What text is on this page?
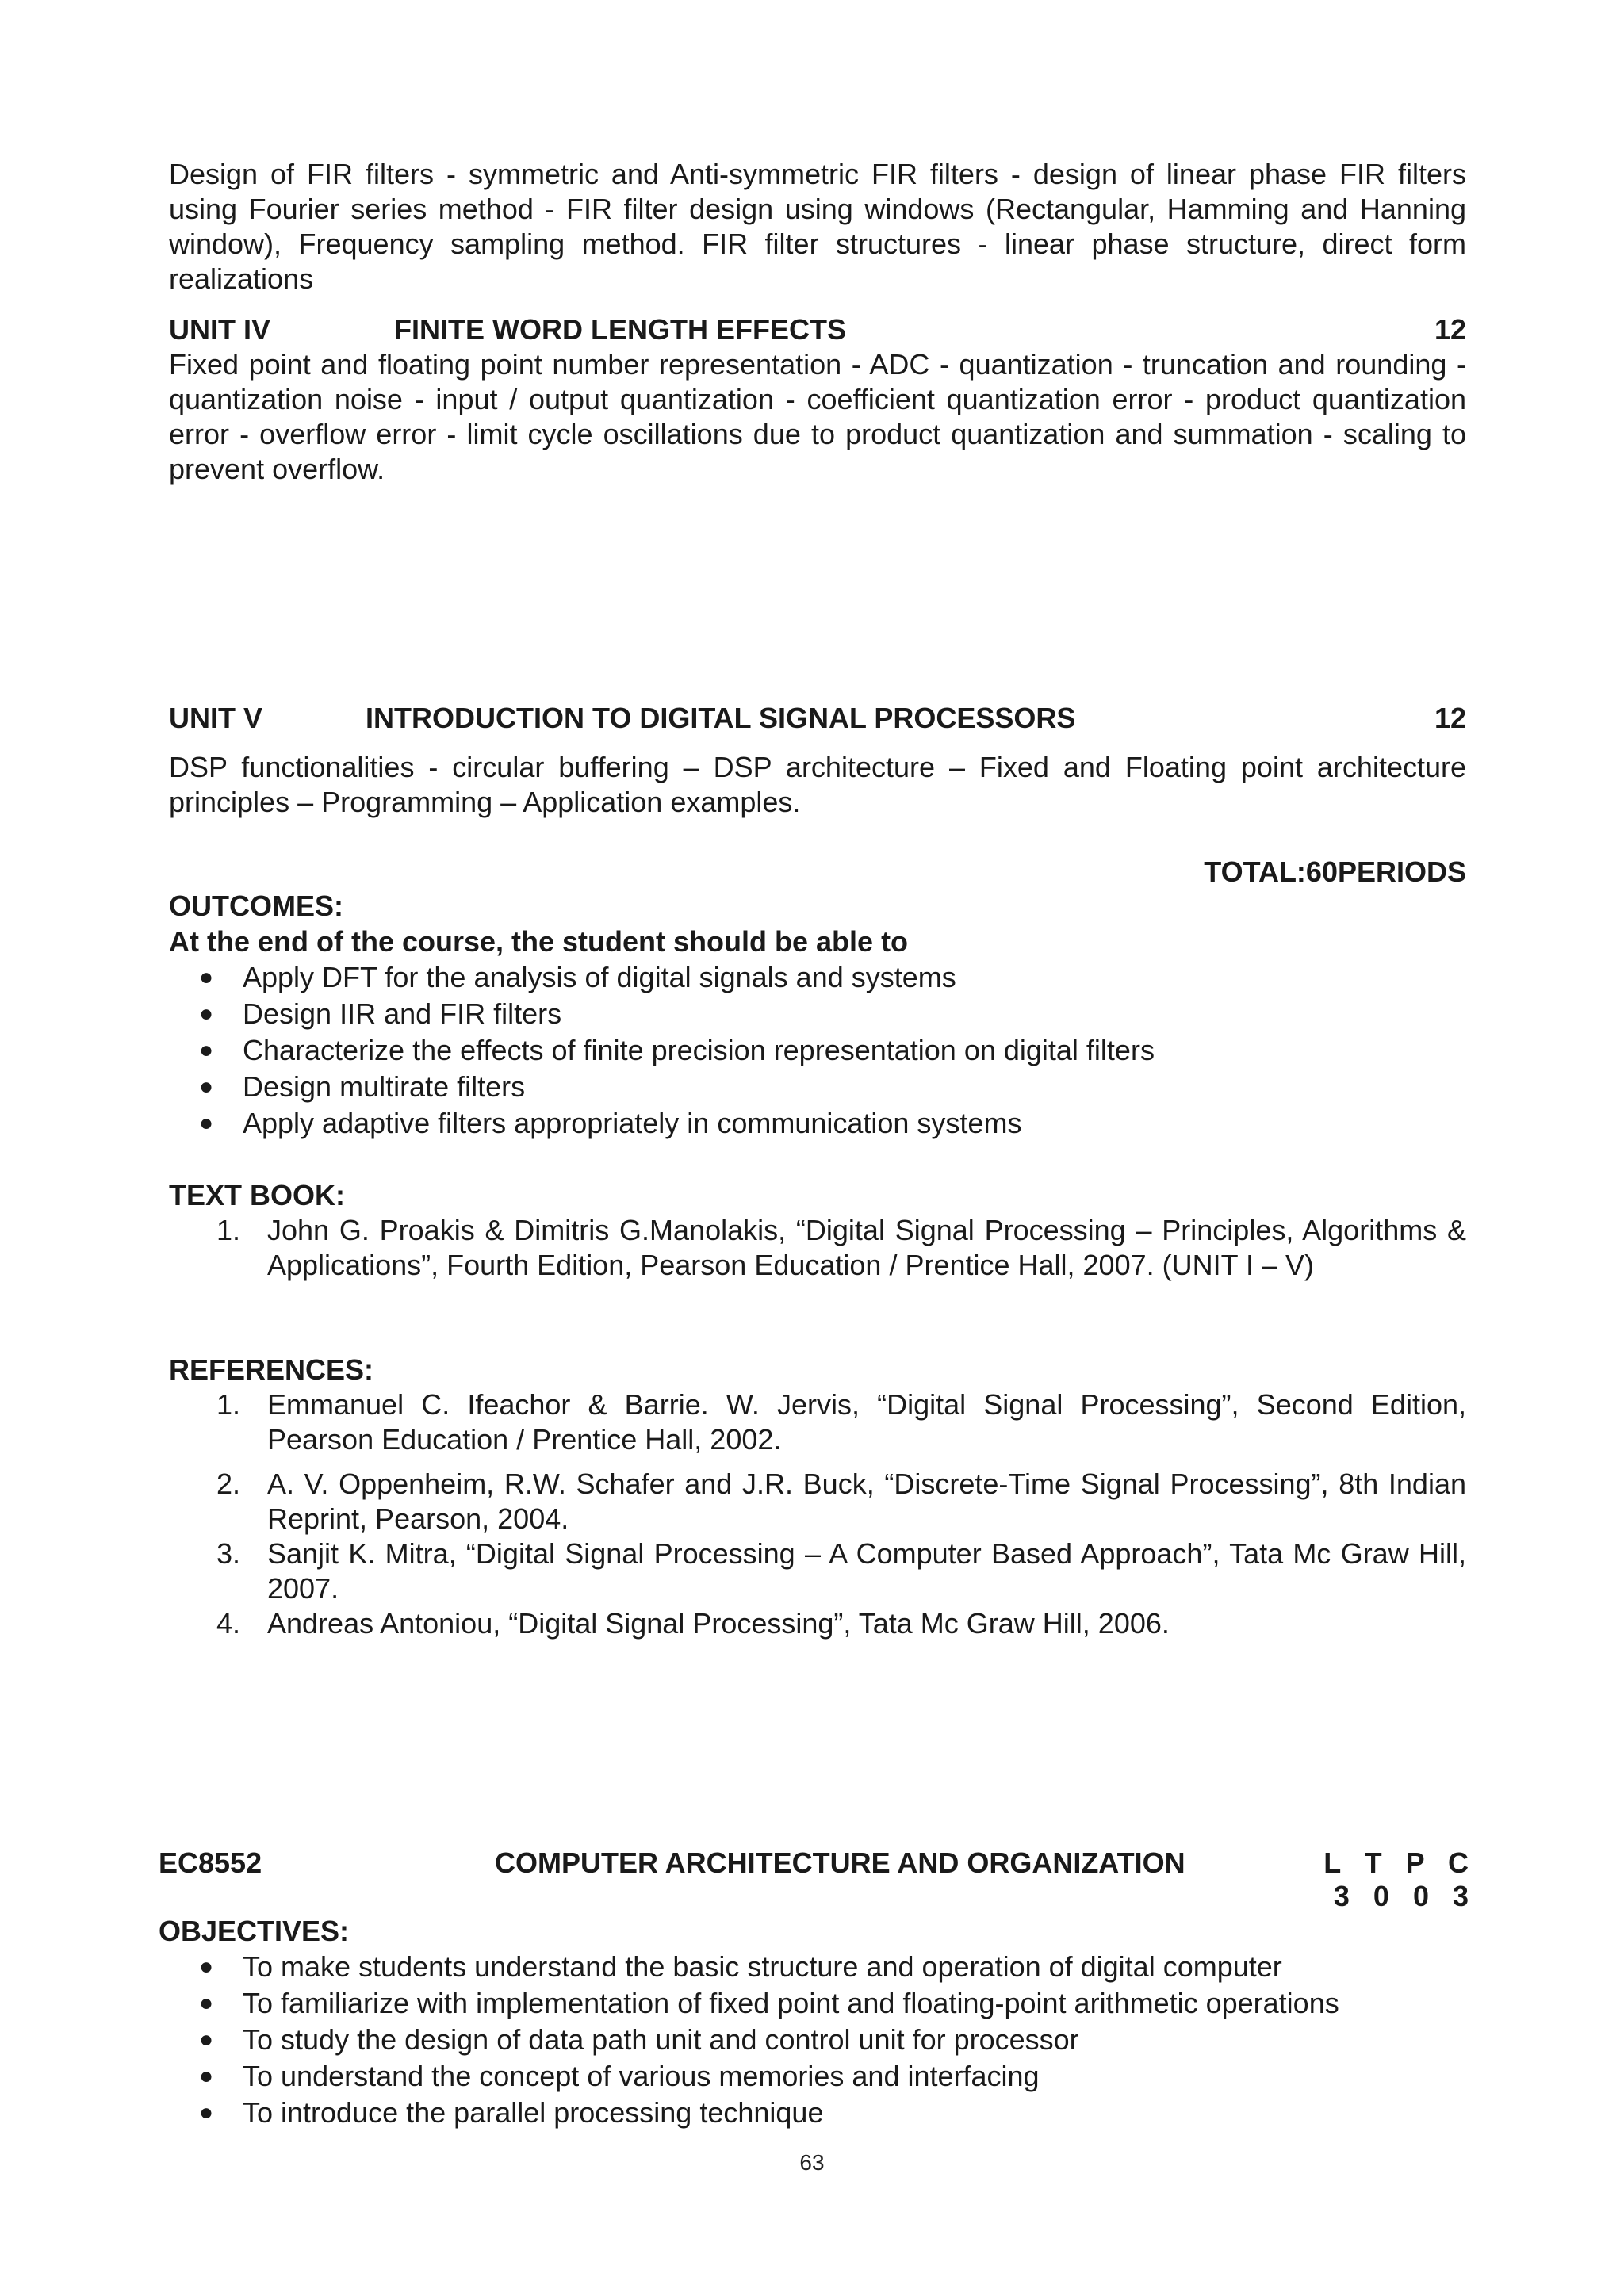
Design of FIR filters - symmetric and Anti-symmetric FIR filters - design of linear phase FIR filters using Fourier series method - FIR filter design using windows (Rectangular, Hamming and Hanning window), Frequency sampling method. FIR filter structures - linear phase structure, direct form realizations
UNIT IV	FINITE WORD LENGTH EFFECTS	12
Fixed point and floating point number representation - ADC - quantization - truncation and rounding - quantization noise - input / output quantization - coefficient quantization error - product quantization error - overflow error - limit cycle oscillations due to product quantization and summation - scaling to prevent overflow.
UNIT V	INTRODUCTION TO DIGITAL SIGNAL PROCESSORS	12
DSP functionalities - circular buffering – DSP architecture – Fixed and Floating point architecture principles – Programming – Application examples.
TOTAL:60PERIODS
OUTCOMES:
At the end of the course, the student should be able to
● Apply DFT for the analysis of digital signals and systems
● Design IIR and FIR filters
● Characterize the effects of finite precision representation on digital filters
● Design multirate filters
● Apply adaptive filters appropriately in communication systems
TEXT BOOK:
1. John G. Proakis & Dimitris G.Manolakis, “Digital Signal Processing – Principles, Algorithms & Applications”, Fourth Edition, Pearson Education / Prentice Hall, 2007. (UNIT I – V)
REFERENCES:
1. Emmanuel C. Ifeachor & Barrie. W. Jervis, “Digital Signal Processing”, Second Edition, Pearson Education / Prentice Hall, 2002.
2. A. V. Oppenheim, R.W. Schafer and J.R. Buck, “Discrete-Time Signal Processing”, 8th Indian Reprint, Pearson, 2004.
3. Sanjit K. Mitra, “Digital Signal Processing – A Computer Based Approach”, Tata Mc Graw Hill, 2007.
4. Andreas Antoniou, “Digital Signal Processing”, Tata Mc Graw Hill, 2006.
EC8552	COMPUTER ARCHITECTURE AND ORGANIZATION	L T P C
3 0 0 3
OBJECTIVES:
● To make students understand the basic structure and operation of digital computer
● To familiarize with implementation of fixed point and floating-point arithmetic operations
● To study the design of data path unit and control unit for processor
● To understand the concept of various memories and interfacing
● To introduce the parallel processing technique
63
